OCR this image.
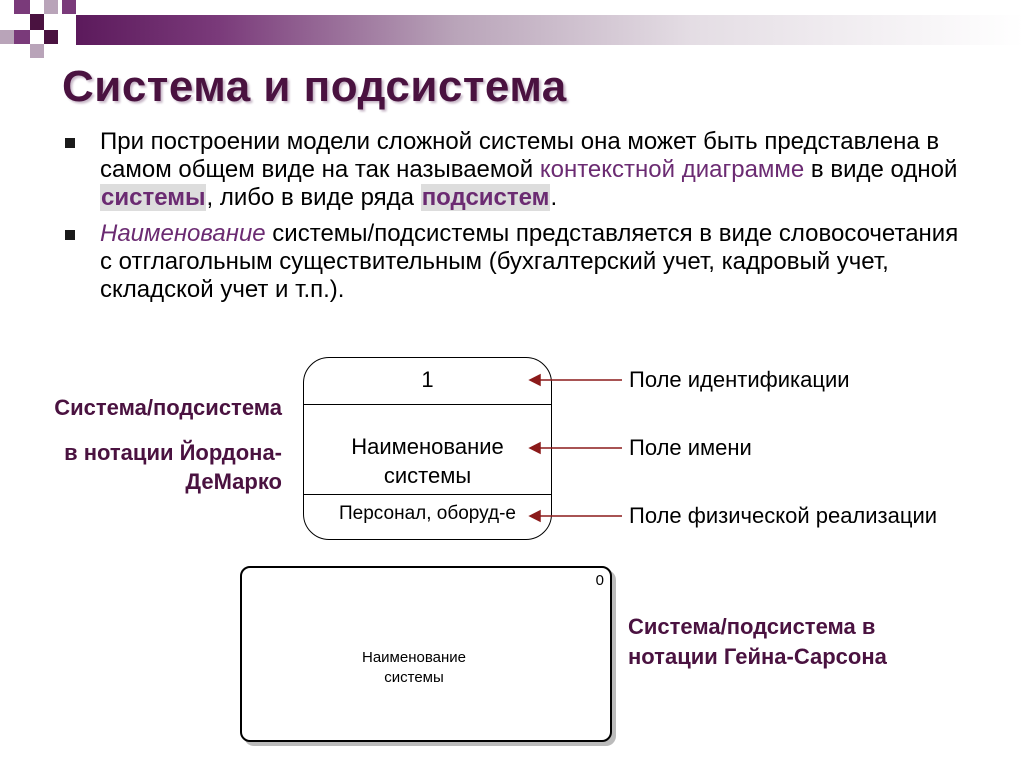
Система и подсистема
При построении модели сложной системы она может быть представлена в самом общем виде на так называемой контекстной диаграмме в виде одной системы, либо в виде ряда подсистем.
Наименование системы/подсистемы представляется в виде словосочетания с отглагольным существительным (бухгалтерский учет, кадровый учет, складской учет и т.п.).
Система/подсистема
в нотации Йордона-
ДеМарко
1
Наименование
системы
Персонал, оборуд-е
Поле идентификации
Поле имени
Поле физической реализации
0
Наименование
системы
Система/подсистема в
нотации Гейна-Сарсона
